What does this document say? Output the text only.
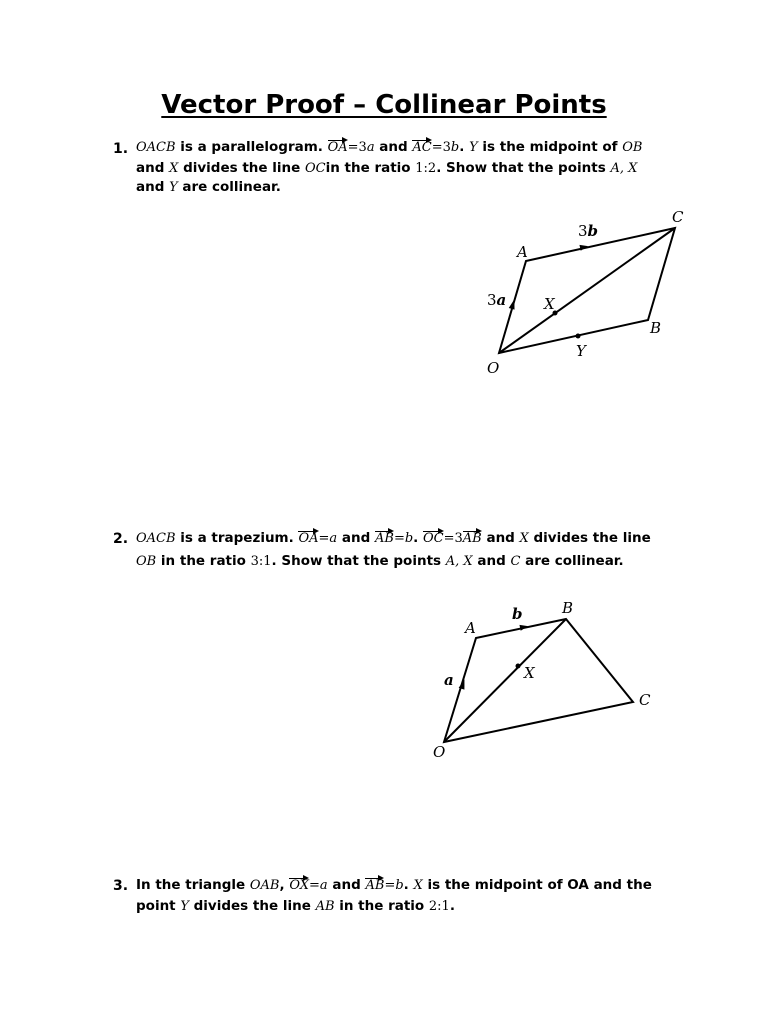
Vector Proof – Collinear Points
1. OACB is a parallelogram. OA=3a and AC=3b. Y is the midpoint of OB
and X divides the line OCin the ratio 1:2. Show that the points A, X
and Y are collinear.
2. OACB is a trapezium. OA=a and AB=b. OC=3AB and X divides the line
OB in the ratio 3:1. Show that the points A, X and C are collinear.
3. In the triangle OAB, OX=a and AB=b. X is the midpoint of OA and the
point Y divides the line AB in the ratio 2:1.
O
A
C
B
X
Y
3a
3b
O
A
B
C
X
a
b
